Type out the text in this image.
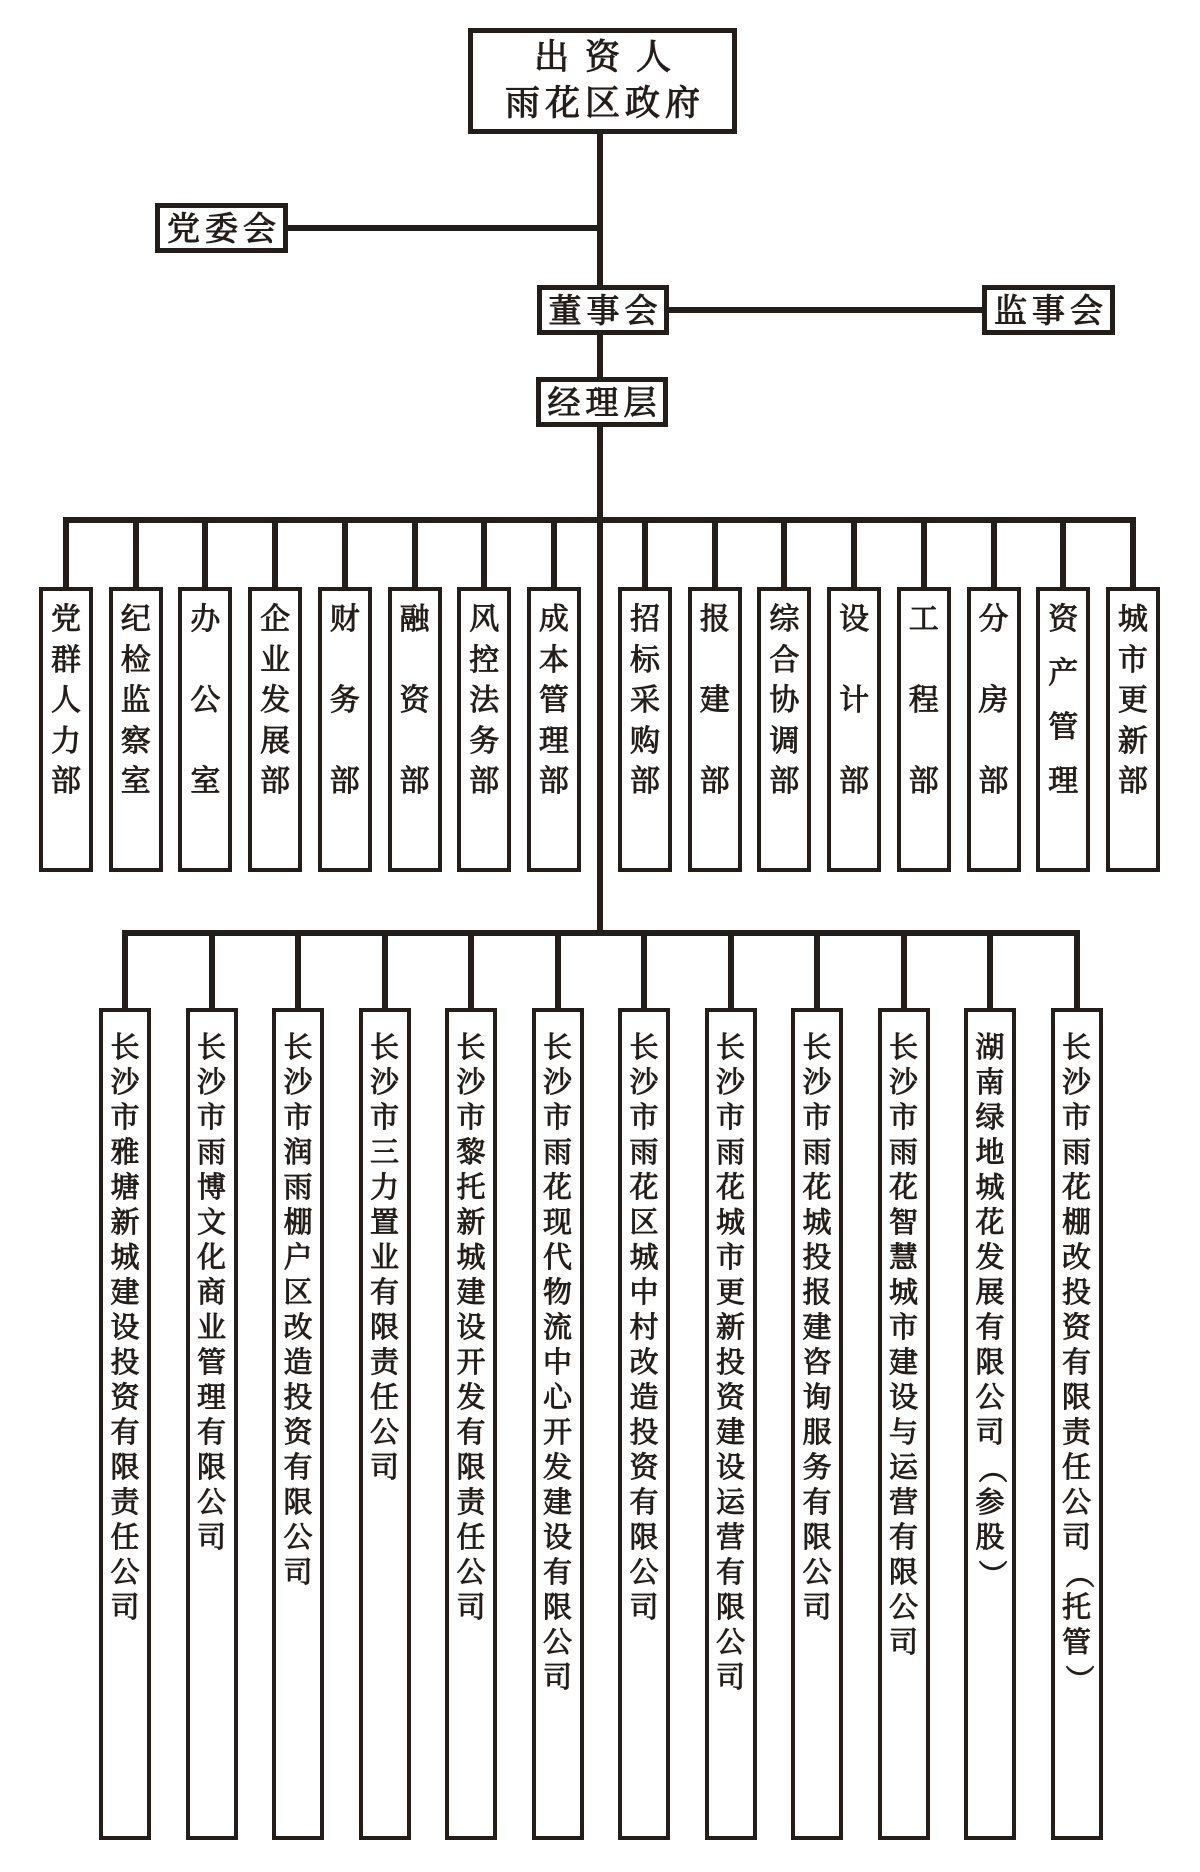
出资人
雨花区政府
党委会
董事会	监事会
经理层
党
群
人
力
部
纪
检
监
察
室
办
公
室
企
业
发
展
部
财
务
部
融
资
部
风
控
法
务
部
成
本
管
理
部
招
标
采
购
部
报
建
部
综
合
协
调
部
设
计
部
工
程
部
分
房
部
资
产
管
理
城
市
更
新
部
长
沙
市
雅
塘
新
城
建
设
投
资
有
限
责
任
公
司
长
沙
市
雨
博
文
化
商
业
管
理
有
限
公
司
长
沙
市
润
雨
棚
户
区
改
造
投
资
有
限
公
司
长
沙
市
三
力
置
业
有
限
责
任
公
司
长
沙
市
黎
托
新
城
建
设
开
发
有
限
责
任
公
司
长
沙
市
雨
花
现
代
物
流
中
心
开
发
建
设
有
限
公
司
长
沙
市
雨
花
区
城
中
村
改
造
投
资
有
限
公
司
长
沙
市
雨
花
城
市
更
新
投
资
建
设
运
营
有
限
公
司
长
沙
市
雨
花
城
投
报
建
咨
询
服
务
有
限
公
司
长
沙
市
雨
花
智
慧
城
市
建
设
与
运
营
有
限
公
司
湖
南
绿
地
城
花
发
展
有
限
公
司
（
参
股
）
长
沙
市
雨
花
棚
改
投
资
有
限
责
任
公
司
（
托
管
）
